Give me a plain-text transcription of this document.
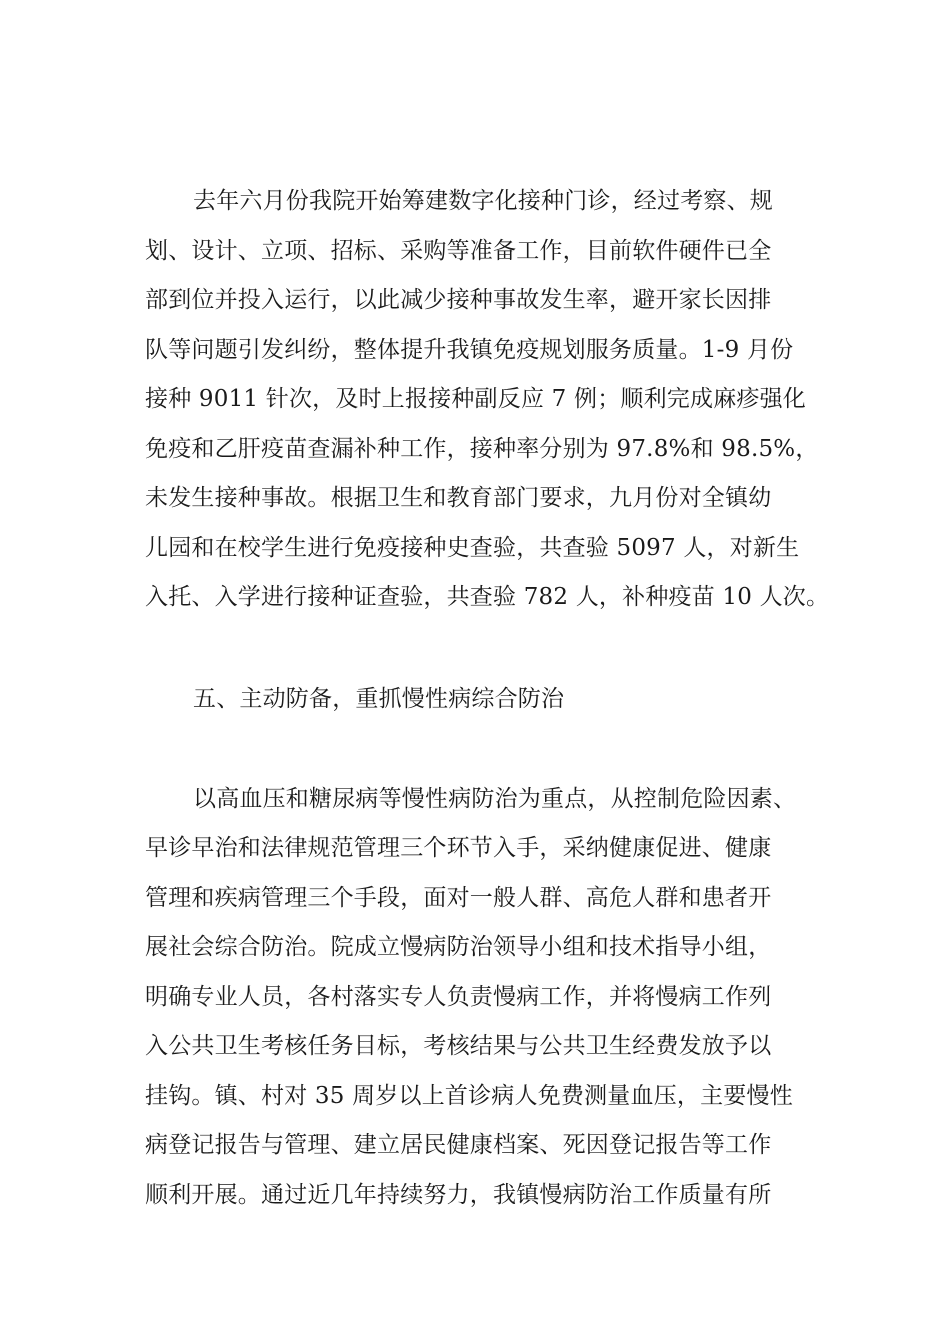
去年六月份我院开始筹建数字化接种门诊，经过考察、规

划、设计、立项、招标、采购等准备工作，目前软件硬件已全

部到位并投入运行，以此减少接种事故发生率，避开家长因排

队等问题引发纠纷，整体提升我镇免疫规划服务质量。1-9 月份

接种 9011 针次，及时上报接种副反应 7 例；顺利完成麻疹强化

免疫和乙肝疫苗查漏补种工作，接种率分别为 97.8%和 98.5%，

未发生接种事故。根据卫生和教育部门要求，九月份对全镇幼

儿园和在校学生进行免疫接种史查验，共查验 5097 人，对新生

入托、入学进行接种证查验，共查验 782 人，补种疫苗 10 人次。

五、主动防备，重抓慢性病综合防治

以高血压和糖尿病等慢性病防治为重点，从控制危险因素、

早诊早治和法律规范管理三个环节入手，采纳健康促进、健康

管理和疾病管理三个手段，面对一般人群、高危人群和患者开

展社会综合防治。院成立慢病防治领导小组和技术指导小组，

明确专业人员，各村落实专人负责慢病工作，并将慢病工作列

入公共卫生考核任务目标，考核结果与公共卫生经费发放予以

挂钩。镇、村对 35 周岁以上首诊病人免费测量血压，主要慢性

病登记报告与管理、建立居民健康档案、死因登记报告等工作

顺利开展。通过近几年持续努力，我镇慢病防治工作质量有所
